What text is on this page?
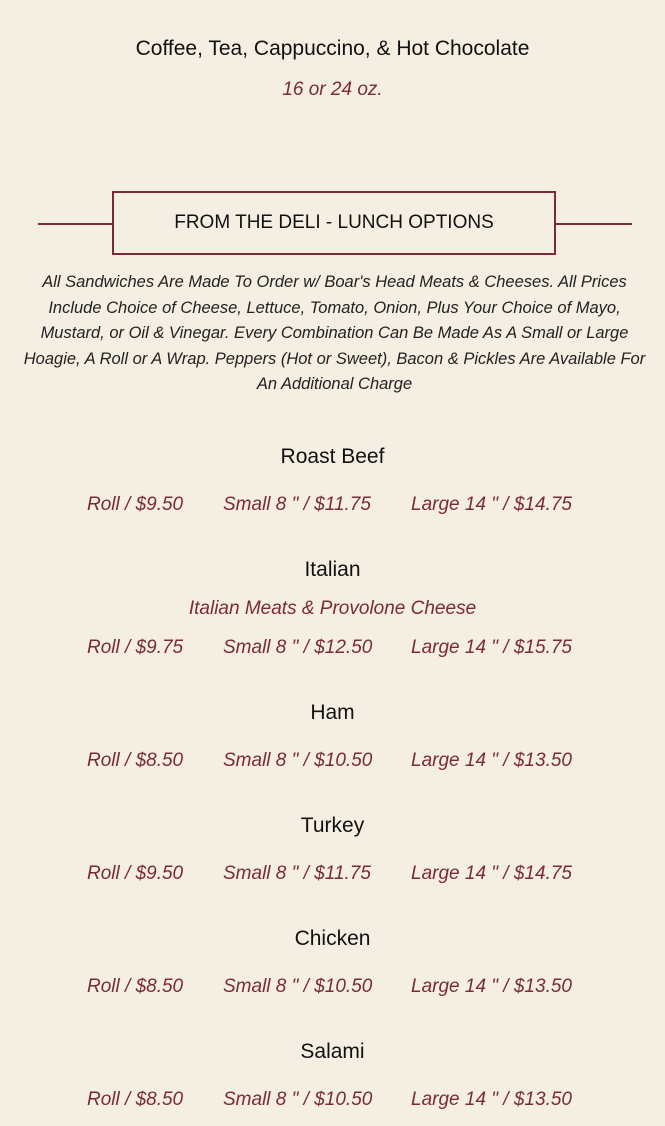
Coffee, Tea, Cappuccino, & Hot Chocolate
16 or 24 oz.
FROM THE DELI - LUNCH OPTIONS
All Sandwiches Are Made To Order w/ Boar's Head Meats & Cheeses. All Prices Include Choice of Cheese, Lettuce, Tomato, Onion, Plus Your Choice of Mayo, Mustard, or Oil & Vinegar. Every Combination Can Be Made As A Small or Large Hoagie, A Roll or A Wrap. Peppers (Hot or Sweet), Bacon & Pickles Are Available For An Additional Charge
Roast Beef
Roll / $9.50 Small 8 " / $11.75 Large 14 " / $14.75
Italian
Italian Meats & Provolone Cheese
Roll / $9.75 Small 8 " / $12.50 Large 14 " / $15.75
Ham
Roll / $8.50 Small 8 " / $10.50 Large 14 " / $13.50
Turkey
Roll / $9.50 Small 8 " / $11.75 Large 14 " / $14.75
Chicken
Roll / $8.50 Small 8 " / $10.50 Large 14 " / $13.50
Salami
Roll / $8.50 Small 8 " / $10.50 Large 14 " / $13.50
